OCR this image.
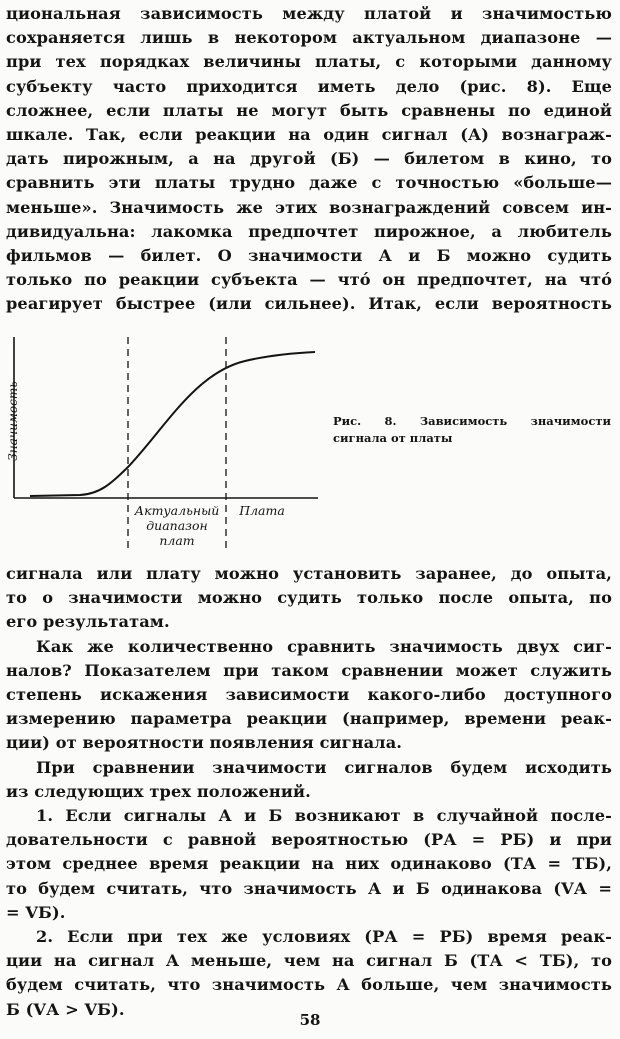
циональная зависимость между платой и значимостью

сохраняется лишь в некотором актуальном диапазоне —

при тех порядках величины платы, с которыми данному

субъекту часто приходится иметь дело (рис. 8). Еще

сложнее, если платы не могут быть сравнены по единой

шкале. Так, если реакции на один сигнал (А) вознаграж-

дать пирожным, а на другой (Б) — билетом в кино, то

сравнить эти платы трудно даже с точностью «больше—

меньше». Значимость же этих вознаграждений совсем ин-

дивидуальна: лакомка предпочтет пирожное, а любитель

фильмов — билет. О значимости А и Б можно судить

только по реакции субъекта — что́ он предпочтет, на что́

реагирует быстрее (или сильнее). Итак, если вероятность

Значимость
Плата
Актуальный
диапазон
плат
Рис. 8. Зависимость значимости
сигнала от платы

сигнала или плату можно установить заранее, до опыта,

то о значимости можно судить только после опыта, по

его результатам.

Как же количественно сравнить значимость двух сиг-

налов? Показателем при таком сравнении может служить

степень искажения зависимости какого-либо доступного

измерению параметра реакции (например, времени реак-

ции) от вероятности появления сигнала.

При сравнении значимости сигналов будем исходить

из следующих трех положений.

1. Если сигналы А и Б возникают в случайной после-

довательности с равной вероятностью (PА = PБ) и при

этом среднее время реакции на них одинаково (TА = TБ),

то будем считать, что значимость А и Б одинакова (VА =

= VБ).

2. Если при тех же условиях (PА = PБ) время реак-

ции на сигнал А меньше, чем на сигнал Б (TА < TБ), то

будем считать, что значимость А больше, чем значимость

Б (VА > VБ).

58
